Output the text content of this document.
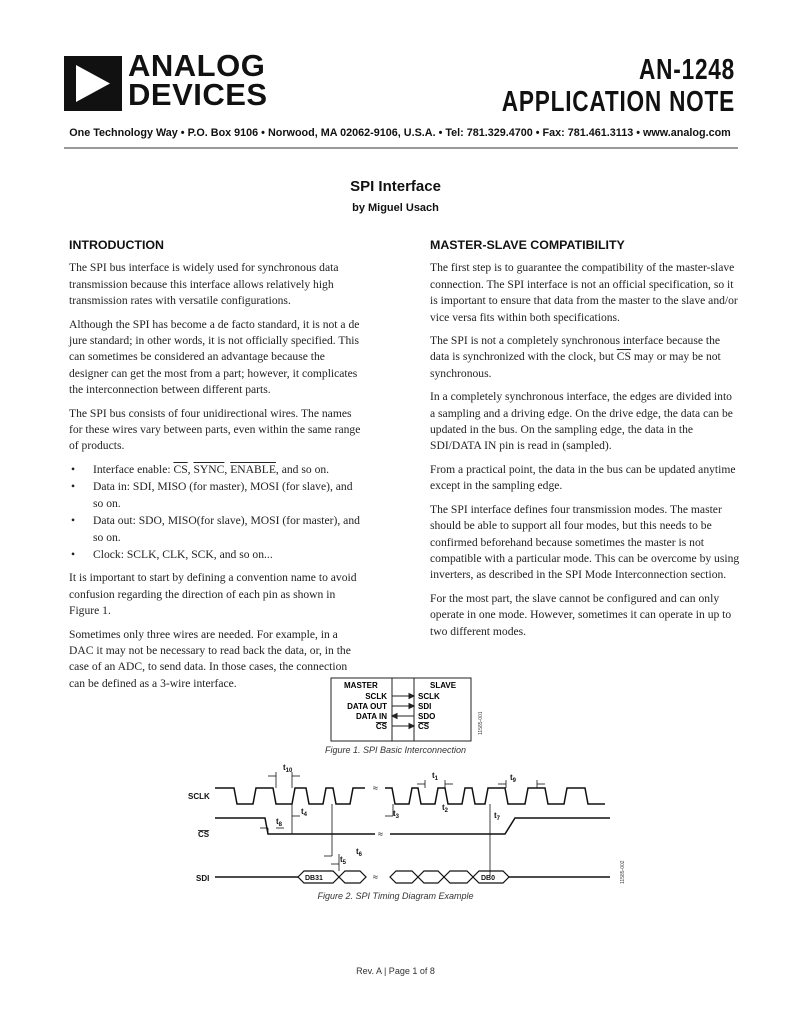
ANALOG
DEVICES
AN-1248
APPLICATION NOTE
One Technology Way • P.O. Box 9106 • Norwood, MA 02062-9106, U.S.A. • Tel: 781.329.4700 • Fax: 781.461.3113 • www.analog.com
SPI Interface
by Miguel Usach
INTRODUCTION

The SPI bus interface is widely used for synchronous data transmission because this interface allows relatively high transmission rates with versatile configurations.

Although the SPI has become a de facto standard, it is not a de jure standard; in other words, it is not officially specified. This can sometimes be considered an advantage because the designer can get the most from a part; however, it complicates the interconnection between different parts.

The SPI bus consists of four unidirectional wires. The names for these wires vary between parts, even within the same range of products.

• Interface enable: $\overline{CS}$, SYNC, ENABLE, and so on.
• Data in: SDI, MISO (for master), MOSI (for slave), and so on.
• Data out: SDO, MISO(for slave), MOSI (for master), and so on.
• Clock: SCLK, CLK, SCK, and so on...

It is important to start by defining a convention name to avoid confusion regarding the direction of each pin as shown in Figure 1.

Sometimes only three wires are needed. For example, in a DAC it may not be necessary to read back the data, or, in the case of an ADC, to send data. In those cases, the connection can be defined as a 3-wire interface.

MASTER-SLAVE COMPATIBILITY

The first step is to guarantee the compatibility of the master-slave connection. The SPI interface is not an official specification, so it is important to ensure that data from the master to the slave and/or vice versa fits within both specifications.

The SPI is not a completely synchronous interface because the data is synchronized with the clock, but $\overline{CS}$ may or may be not synchronous.

In a completely synchronous interface, the edges are divided into a sampling and a driving edge. On the drive edge, the data can be updated in the bus. On the sampling edge, the data in the SDI/DATA IN pin is read in (sampled).

From a practical point, the data in the bus can be updated anytime except in the sampling edge.

The SPI interface defines four transmission modes. The master should be able to support all four modes, but this needs to be confirmed beforehand because sometimes the master is not compatible with a particular mode. This can be overcome by using inverters, as described in the SPI Mode Interconnection section.

For the most part, the slave cannot be configured and can only operate in one mode. However, sometimes it can operate in up to two different modes.

MASTER	SLAVE
SCLK
DATA OUT
DATA IN
CS
SCLK
SDI
SDO
CS	11585-001
Figure 1. SPI Basic Interconnection
SCLK
CS
SDI
≈
≈
DB31	≈	DB0
$t_{10}$	$t_1$	$t_9$
$t_4$
$t_2$
$t_8$
$t_3$	$t_7$
$t_6$
$t_5$	11585-002
Figure 2. SPI Timing Diagram Example
Rev. A | Page 1 of 8
